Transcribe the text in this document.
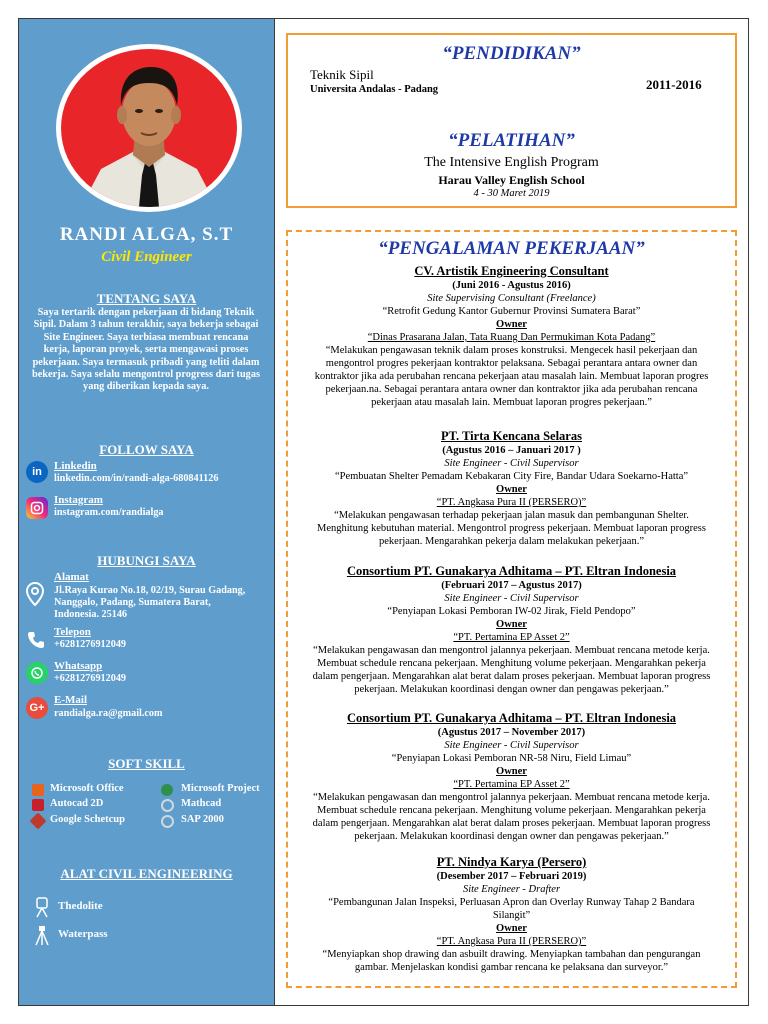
RANDI ALGA, S.T
Civil Engineer
TENTANG SAYA
Saya tertarik dengan pekerjaan di bidang Teknik Sipil. Dalam 3 tahun terakhir, saya bekerja sebagai Site Engineer. Saya terbiasa membuat rencana kerja, laporan proyek, serta mengawasi proses pekerjaan. Saya termasuk pribadi yang teliti dalam bekerja. Saya selalu mengontrol progress dari tugas yang diberikan kepada saya.
FOLLOW SAYA
in	Linkedin
linkedin.com/in/randi-alga-680841126
Instagram
instagram.com/randialga
HUBUNGI SAYA
Alamat
Jl.Raya Kurao No.18, 02/19, Surau Gadang,
Nanggalo, Padang, Sumatera Barat,
Indonesia. 25146
Telepon
+6281276912049
Whatsapp
+6281276912049
G+
E-Mail
randialga.ra@gmail.com
SOFT SKILL
Microsoft Office
Autocad 2D
Google Schetcup
Microsoft Project
Mathcad
SAP 2000
ALAT CIVIL ENGINEERING
Thedolite
Waterpass
“PENDIDIKAN”
Teknik Sipil
Universita Andalas - Padang	2011-2016
“PELATIHAN”
The Intensive English Program
Harau Valley English School
4 - 30 Maret 2019
“PENGALAMAN PEKERJAAN”
CV. Artistik Engineering Consultant
(Juni 2016 - Agustus 2016)
Site Supervising Consultant (Freelance)
“Retrofit Gedung Kantor Gubernur Provinsi Sumatera Barat”
Owner
“Dinas Prasarana Jalan, Tata Ruang Dan Permukiman Kota Padang”
“Melakukan pengawasan teknik dalam proses konstruksi. Mengecek hasil pekerjaan dan
mengontrol progres pekerjaan kontraktor pelaksana. Sebagai perantara antara owner dan
kontraktor jika ada perubahan rencana pekerjaan atau masalah lain. Membuat laporan progres
pekerjaan.na. Sebagai perantara antara owner dan kontraktor jika ada perubahan rencana
pekerjaan atau masalah lain. Membuat laporan progres pekerjaan.”
PT. Tirta Kencana Selaras
(Agustus 2016 – Januari 2017 )
Site Engineer - Civil Supervisor
“Pembuatan Shelter Pemadam Kebakaran City Fire, Bandar Udara Soekarno-Hatta”
Owner
“PT. Angkasa Pura II (PERSERO)”
“Melakukan pengawasan terhadap pekerjaan jalan masuk dan pembangunan Shelter.
Menghitung kebutuhan material. Mengontrol progress pekerjaan. Membuat laporan progress
pekerjaan. Mengarahkan pekerja dalam melakukan pekerjaan.”
Consortium PT. Gunakarya Adhitama – PT. Eltran Indonesia
(Februari 2017 – Agustus 2017)
Site Engineer - Civil Supervisor
“Penyiapan Lokasi Pemboran IW-02 Jirak, Field Pendopo”
Owner
“PT. Pertamina EP Asset 2”
“Melakukan pengawasan dan mengontrol jalannya pekerjaan. Membuat rencana metode kerja.
Membuat schedule rencana pekerjaan. Menghitung volume pekerjaan. Mengarahkan pekerja
dalam pengerjaan. Mengarahkan alat berat dalam proses pekerjaan. Membuat laporan progress
pekerjaan. Melakukan koordinasi dengan owner dan pengawas pekerjaan.”
Consortium PT. Gunakarya Adhitama – PT. Eltran Indonesia
(Agustus 2017 – November 2017)
Site Engineer - Civil Supervisor
“Penyiapan Lokasi Pemboran NR-58 Niru, Field Limau”
Owner
“PT. Pertamina EP Asset 2”
“Melakukan pengawasan dan mengontrol jalannya pekerjaan. Membuat rencana metode kerja.
Membuat schedule rencana pekerjaan. Menghitung volume pekerjaan. Mengarahkan pekerja
dalam pengerjaan. Mengarahkan alat berat dalam proses pekerjaan. Membuat laporan progress
pekerjaan. Melakukan koordinasi dengan owner dan pengawas pekerjaan.”
PT. Nindya Karya (Persero)
(Desember 2017 – Februari 2019)
Site Engineer - Drafter
“Pembangunan Jalan Inspeksi, Perluasan Apron dan Overlay Runway Tahap 2 Bandara Silangit”
Owner
“PT. Angkasa Pura II (PERSERO)”
“Menyiapkan shop drawing dan asbuilt drawing. Menyiapkan tambahan dan pengurangan
gambar. Menjelaskan kondisi gambar rencana ke pelaksana dan surveyor.”
